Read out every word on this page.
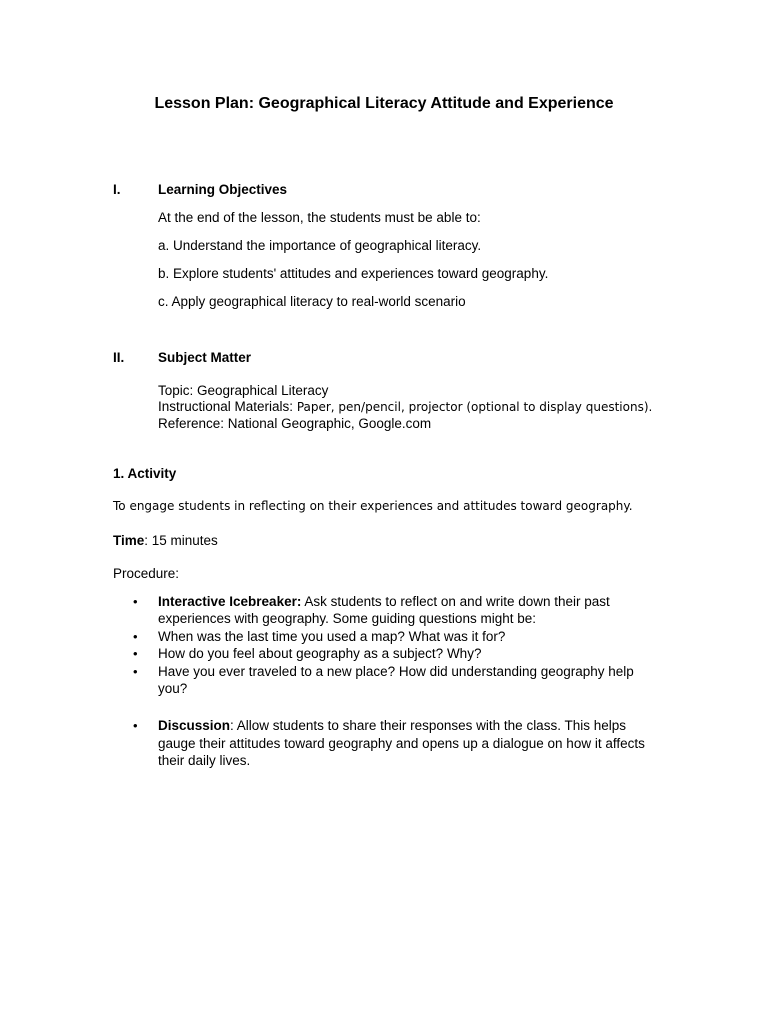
Lesson Plan: Geographical Literacy Attitude and Experience
I.	Learning Objectives
At the end of the lesson, the students must be able to:
a. Understand the importance of geographical literacy.
b. Explore students' attitudes and experiences toward geography.
c. Apply geographical literacy to real-world scenario
II. Subject Matter
Topic: Geographical Literacy
Instructional Materials: Paper, pen/pencil, projector (optional to display questions).
Reference: National Geographic, Google.com
1. Activity
To engage students in reflecting on their experiences and attitudes toward geography.
Time: 15 minutes
Procedure:
• Interactive Icebreaker: Ask students to reflect on and write down their past
experiences with geography. Some guiding questions might be:
• When was the last time you used a map? What was it for?
• How do you feel about geography as a subject? Why?
• Have you ever traveled to a new place? How did understanding geography help
you?
• Discussion: Allow students to share their responses with the class. This helps
gauge their attitudes toward geography and opens up a dialogue on how it affects
their daily lives.
